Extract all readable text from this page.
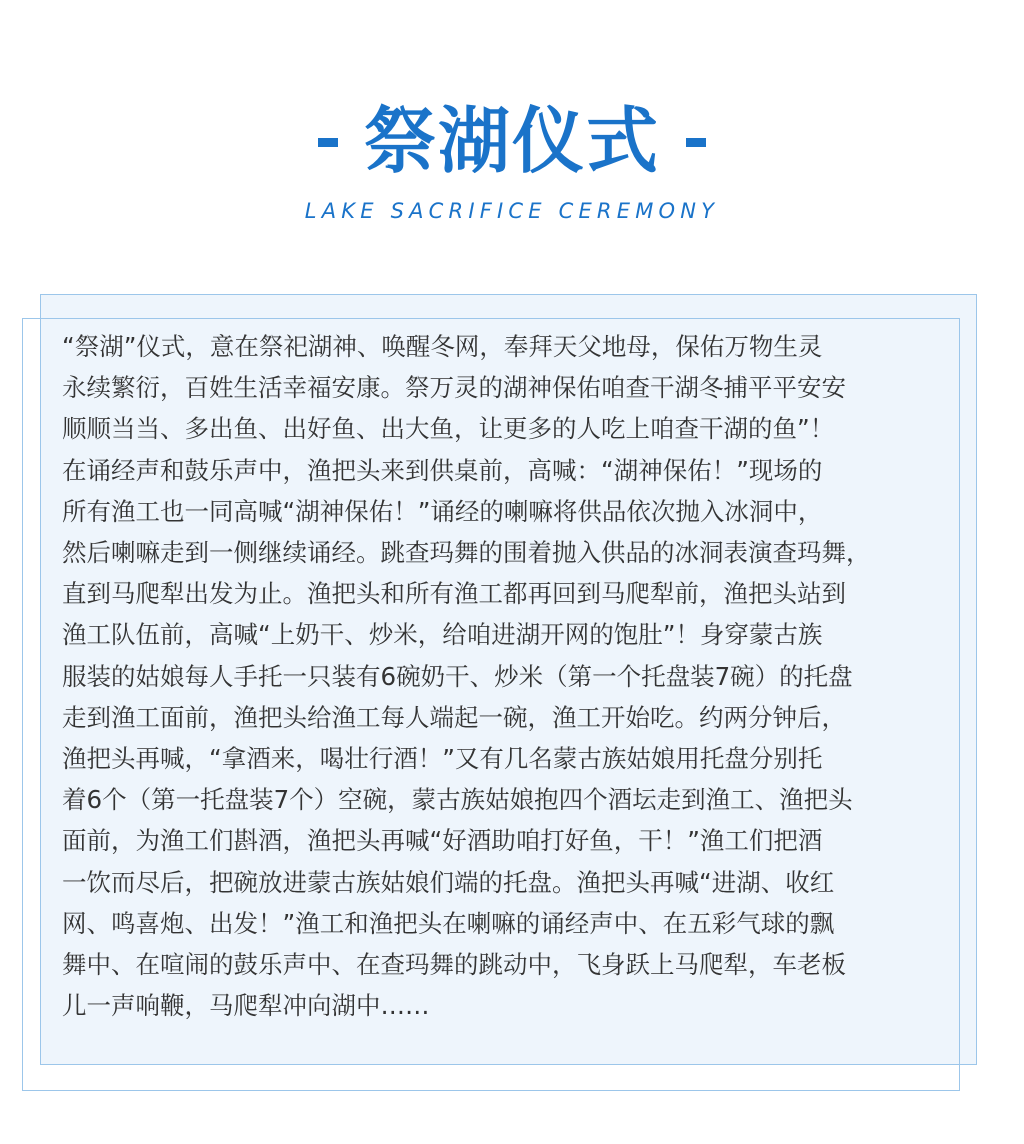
祭湖仪式
LAKE SACRIFICE CEREMONY

“祭湖”仪式，意在祭祀湖神、唤醒冬网，奉拜天父地母，保佑万物生灵
永续繁衍，百姓生活幸福安康。祭万灵的湖神保佑咱查干湖冬捕平平安安
顺顺当当、多出鱼、出好鱼、出大鱼，让更多的人吃上咱查干湖的鱼”！
在诵经声和鼓乐声中，渔把头来到供桌前，高喊：“湖神保佑！”现场的
所有渔工也一同高喊“湖神保佑！”诵经的喇嘛将供品依次抛入冰洞中，
然后喇嘛走到一侧继续诵经。跳查玛舞的围着抛入供品的冰洞表演查玛舞，
直到马爬犁出发为止。渔把头和所有渔工都再回到马爬犁前，渔把头站到
渔工队伍前，高喊“上奶干、炒米，给咱进湖开网的饱肚”！身穿蒙古族
服装的姑娘每人手托一只装有6碗奶干、炒米（第一个托盘装7碗）的托盘
走到渔工面前，渔把头给渔工每人端起一碗，渔工开始吃。约两分钟后，
渔把头再喊，“拿酒来，喝壮行酒！”又有几名蒙古族姑娘用托盘分别托
着6个（第一托盘装7个）空碗，蒙古族姑娘抱四个酒坛走到渔工、渔把头
面前，为渔工们斟酒，渔把头再喊“好酒助咱打好鱼，干！”渔工们把酒
一饮而尽后，把碗放进蒙古族姑娘们端的托盘。渔把头再喊“进湖、收红
网、鸣喜炮、出发！”渔工和渔把头在喇嘛的诵经声中、在五彩气球的飘
舞中、在喧闹的鼓乐声中、在查玛舞的跳动中，飞身跃上马爬犁，车老板
儿一声响鞭，马爬犁冲向湖中……
